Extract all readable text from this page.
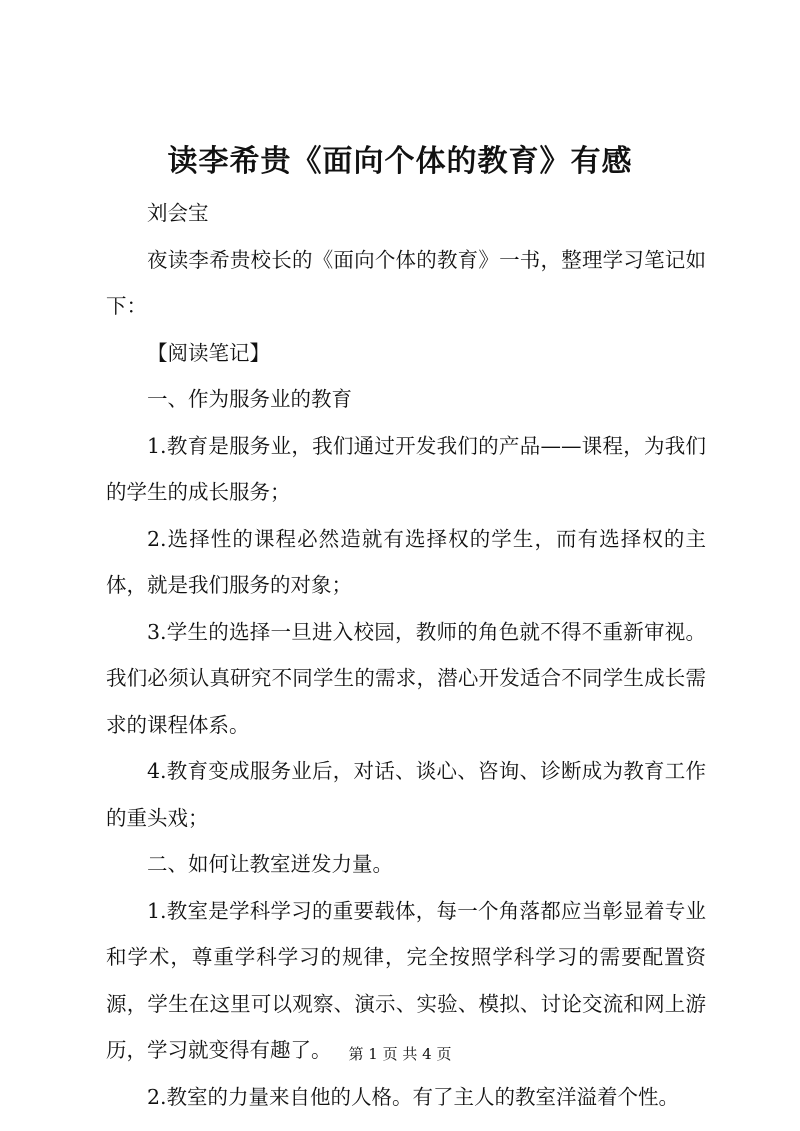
读李希贵《面向个体的教育》有感

刘会宝

夜读李希贵校长的《面向个体的教育》一书，整理学习笔记如下：

【阅读笔记】

一、作为服务业的教育

1.教育是服务业，我们通过开发我们的产品——课程，为我们的学生的成长服务；

2.选择性的课程必然造就有选择权的学生，而有选择权的主体，就是我们服务的对象；

3.学生的选择一旦进入校园，教师的角色就不得不重新审视。我们必须认真研究不同学生的需求，潜心开发适合不同学生成长需求的课程体系。

4.教育变成服务业后，对话、谈心、咨询、诊断成为教育工作的重头戏；

二、如何让教室迸发力量。

1.教室是学科学习的重要载体，每一个角落都应当彰显着专业和学术，尊重学科学习的规律，完全按照学科学习的需要配置资源，学生在这里可以观察、演示、实验、模拟、讨论交流和网上游历，学习就变得有趣了。

2.教室的力量来自他的人格。有了主人的教室洋溢着个性。

第 1 页 共 4 页
